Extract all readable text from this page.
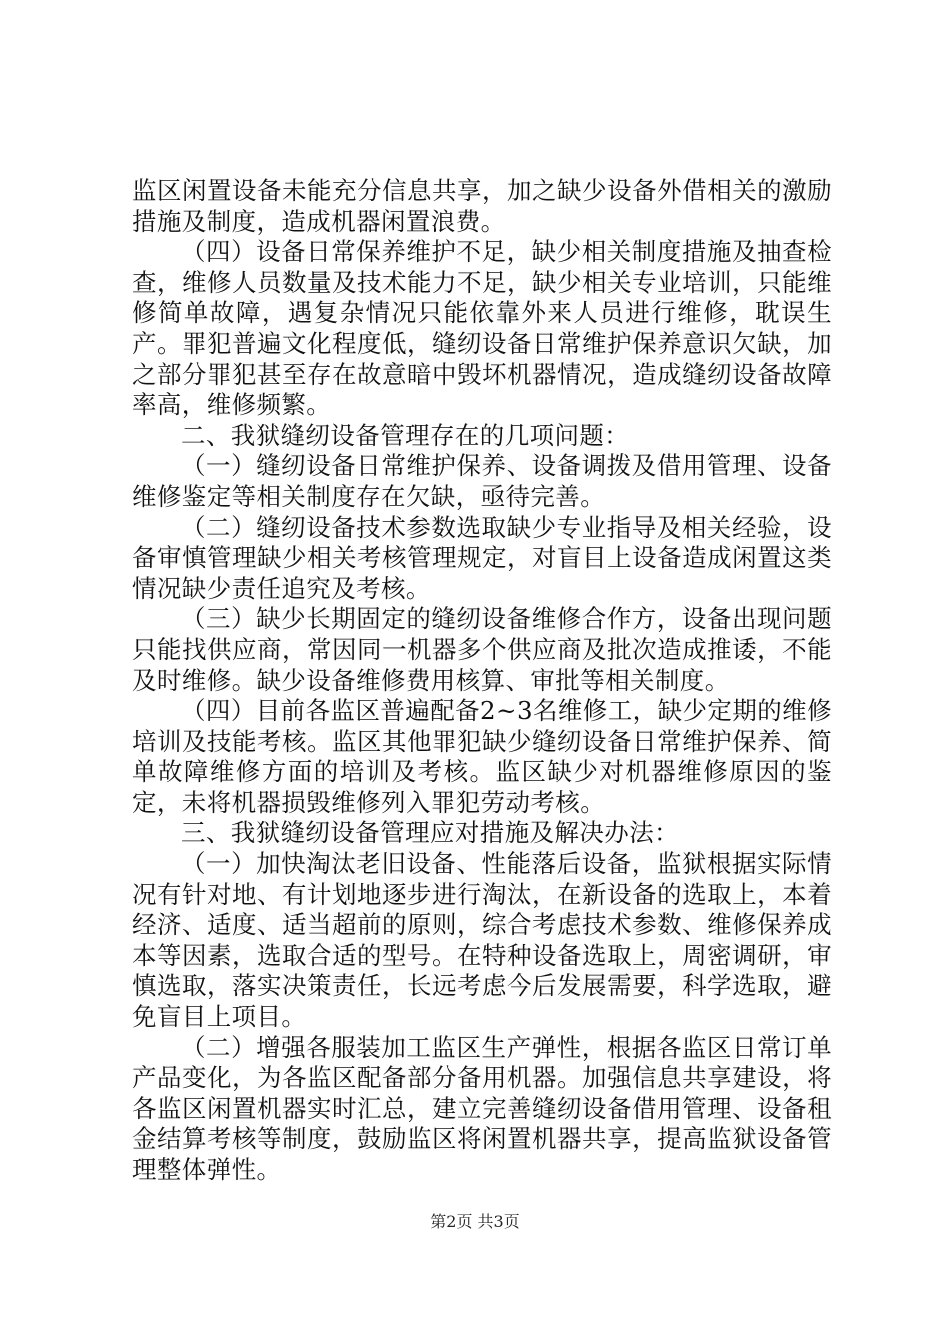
监区闲置设备未能充分信息共享，加之缺少设备外借相关的激励措施及制度，造成机器闲置浪费。

（四）设备日常保养维护不足，缺少相关制度措施及抽查检查，维修人员数量及技术能力不足，缺少相关专业培训，只能维修简单故障，遇复杂情况只能依靠外来人员进行维修，耽误生产。罪犯普遍文化程度低，缝纫设备日常维护保养意识欠缺，加之部分罪犯甚至存在故意暗中毁坏机器情况，造成缝纫设备故障率高，维修频繁。

二、我狱缝纫设备管理存在的几项问题：

（一）缝纫设备日常维护保养、设备调拨及借用管理、设备维修鉴定等相关制度存在欠缺，亟待完善。

（二）缝纫设备技术参数选取缺少专业指导及相关经验，设备审慎管理缺少相关考核管理规定，对盲目上设备造成闲置这类情况缺少责任追究及考核。

（三）缺少长期固定的缝纫设备维修合作方，设备出现问题只能找供应商，常因同一机器多个供应商及批次造成推诿，不能及时维修。缺少设备维修费用核算、审批等相关制度。

（四）目前各监区普遍配备2~3名维修工，缺少定期的维修培训及技能考核。监区其他罪犯缺少缝纫设备日常维护保养、简单故障维修方面的培训及考核。监区缺少对机器维修原因的鉴定，未将机器损毁维修列入罪犯劳动考核。

三、我狱缝纫设备管理应对措施及解决办法：

（一）加快淘汰老旧设备、性能落后设备，监狱根据实际情况有针对地、有计划地逐步进行淘汰，在新设备的选取上，本着经济、适度、适当超前的原则，综合考虑技术参数、维修保养成本等因素，选取合适的型号。在特种设备选取上，周密调研，审慎选取，落实决策责任，长远考虑今后发展需要，科学选取，避免盲目上项目。

（二）增强各服装加工监区生产弹性，根据各监区日常订单产品变化，为各监区配备部分备用机器。加强信息共享建设，将各监区闲置机器实时汇总，建立完善缝纫设备借用管理、设备租金结算考核等制度，鼓励监区将闲置机器共享，提高监狱设备管理整体弹性。

第2页 共3页
